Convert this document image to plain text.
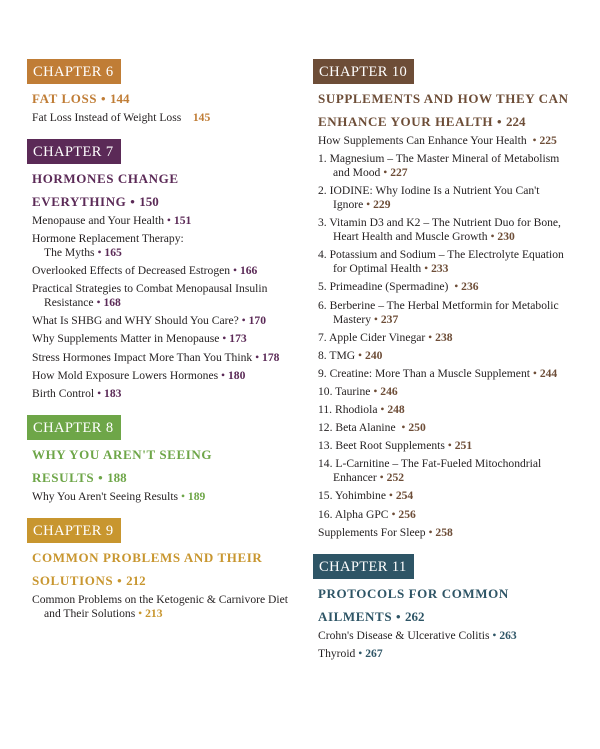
CHAPTER 6
FAT LOSS • 144
Fat Loss Instead of Weight Loss 145
CHAPTER 7
HORMONES CHANGE
EVERYTHING • 150
Menopause and Your Health • 151
Hormone Replacement Therapy:
The Myths • 165
Overlooked Effects of Decreased Estrogen • 166
Practical Strategies to Combat Menopausal Insulin
Resistance • 168
What Is SHBG and WHY Should You Care? • 170
Why Supplements Matter in Menopause • 173
Stress Hormones Impact More Than You Think • 178
How Mold Exposure Lowers Hormones • 180
Birth Control • 183
CHAPTER 8
WHY YOU AREN'T SEEING
RESULTS • 188
Why You Aren't Seeing Results • 189
CHAPTER 9
COMMON PROBLEMS AND THEIR
SOLUTIONS • 212
Common Problems on the Ketogenic & Carnivore Diet
and Their Solutions • 213
CHAPTER 10
SUPPLEMENTS AND HOW THEY CAN
ENHANCE YOUR HEALTH • 224
How Supplements Can Enhance Your Health  • 225
1. Magnesium – The Master Mineral of Metabolism
and Mood • 227
2. IODINE: Why Iodine Is a Nutrient You Can't
Ignore • 229
3. Vitamin D3 and K2 – The Nutrient Duo for Bone,
Heart Health and Muscle Growth • 230
4. Potassium and Sodium – The Electrolyte Equation
for Optimal Health • 233
5. Primeadine (Spermadine)  • 236
6. Berberine – The Herbal Metformin for Metabolic
Mastery • 237
7. Apple Cider Vinegar • 238
8. TMG • 240
9. Creatine: More Than a Muscle Supplement • 244
10. Taurine • 246
11. Rhodiola • 248
12. Beta Alanine  • 250
13. Beet Root Supplements • 251
14. L-Carnitine – The Fat-Fueled Mitochondrial
Enhancer • 252
15. Yohimbine • 254
16. Alpha GPC • 256
Supplements For Sleep • 258
CHAPTER 11
PROTOCOLS FOR COMMON
AILMENTS • 262
Crohn's Disease & Ulcerative Colitis • 263
Thyroid • 267
